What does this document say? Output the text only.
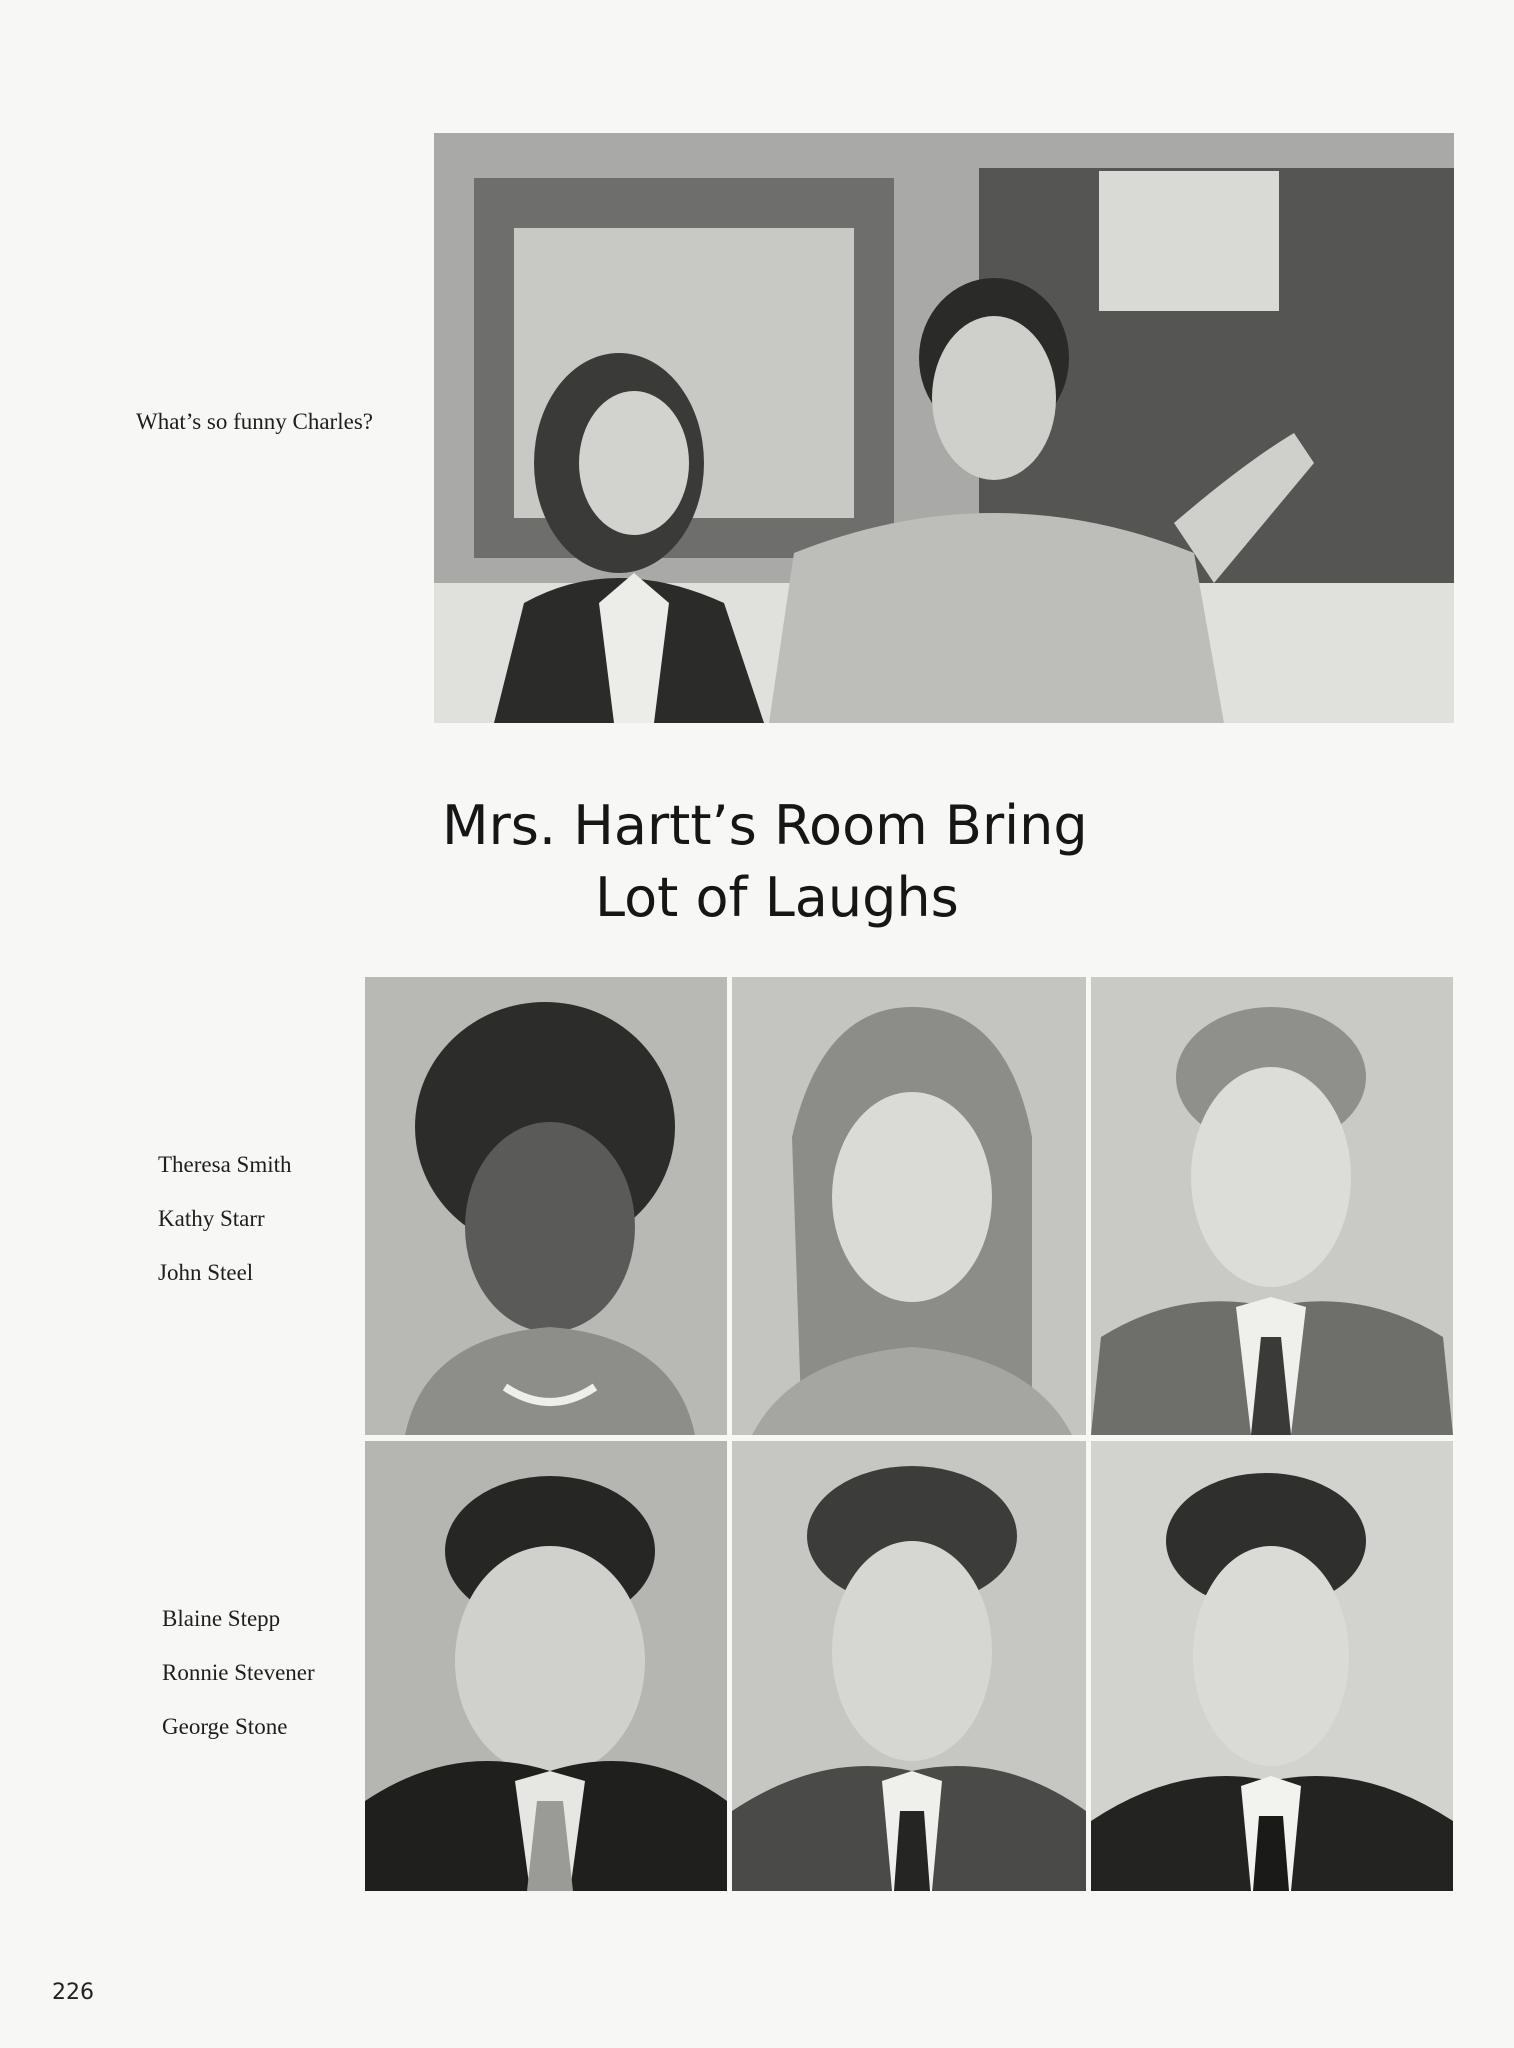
What’s so funny Charles?
Mrs. Hartt’s Room Bring
Lot of Laughs
Theresa Smith
Kathy Starr
John Steel
Blaine Stepp
Ronnie Stevener
George Stone
226
